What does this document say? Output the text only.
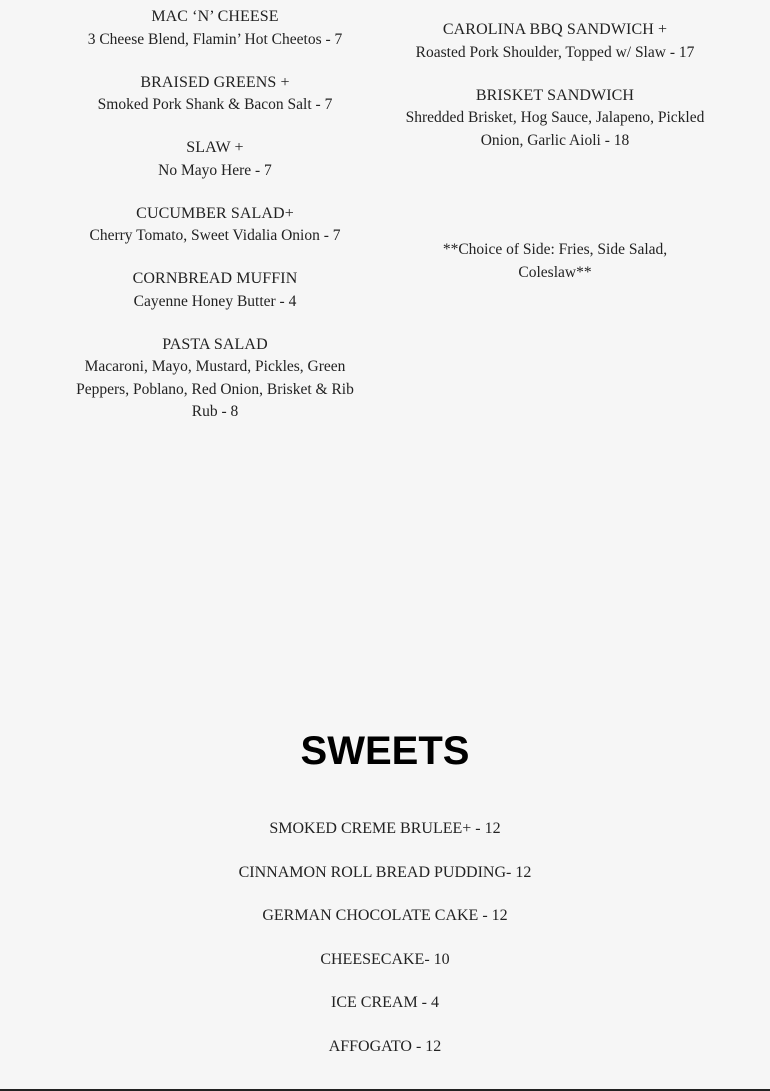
MAC ‘N’ CHEESE
3 Cheese Blend, Flamin’ Hot Cheetos - 7
BRAISED GREENS +
Smoked Pork Shank & Bacon Salt - 7
SLAW +
No Mayo Here - 7
CUCUMBER SALAD+
Cherry Tomato, Sweet Vidalia Onion - 7
CORNBREAD MUFFIN
Cayenne Honey Butter - 4
PASTA SALAD
Macaroni, Mayo, Mustard, Pickles, Green Peppers, Poblano, Red Onion, Brisket & Rib Rub - 8
CAROLINA BBQ SANDWICH +
Roasted Pork Shoulder, Topped w/ Slaw - 17
BRISKET SANDWICH
Shredded Brisket, Hog Sauce, Jalapeno, Pickled Onion, Garlic Aioli - 18
**Choice of Side: Fries, Side Salad, Coleslaw**
SWEETS
SMOKED CREME BRULEE+ - 12
CINNAMON ROLL BREAD PUDDING- 12
GERMAN CHOCOLATE CAKE - 12
CHEESECAKE- 10
ICE CREAM - 4
AFFOGATO - 12
